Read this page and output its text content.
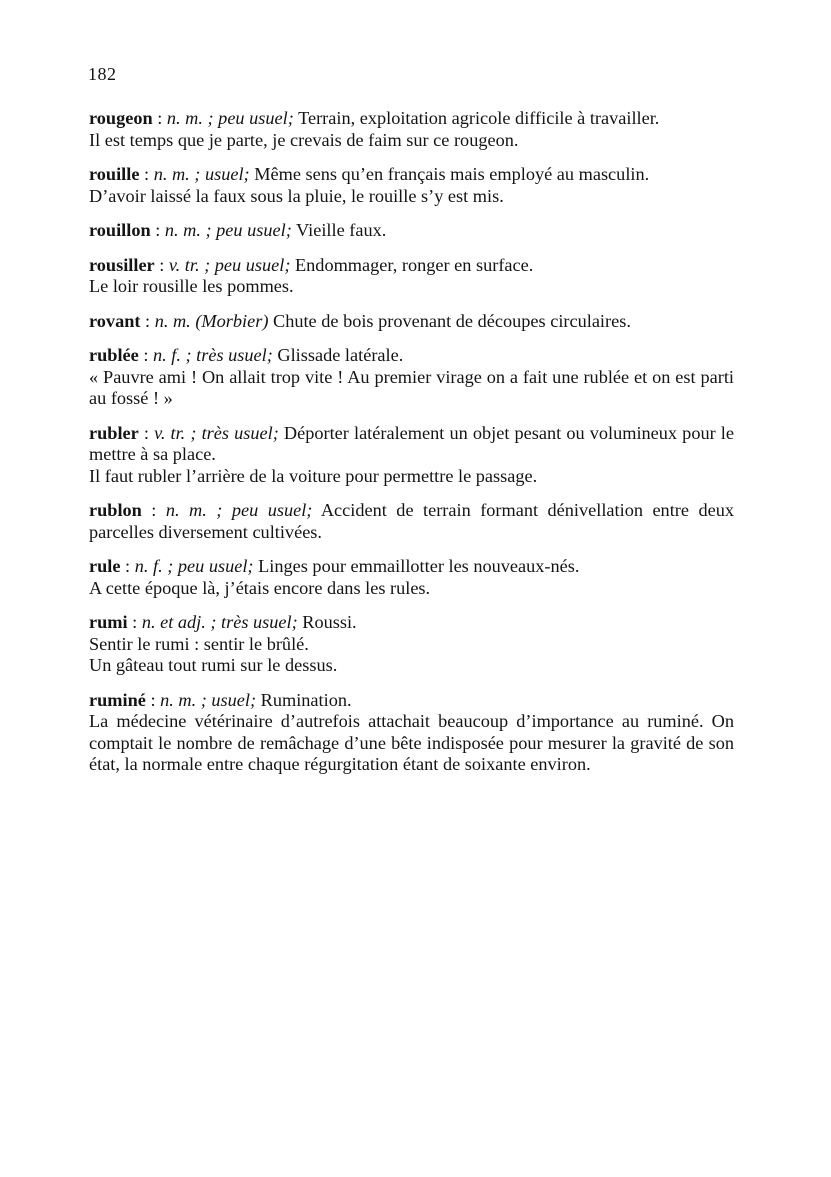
182

rougeon : n. m. ; peu usuel; Terrain, exploitation agricole difficile à travailler.

Il est temps que je parte, je crevais de faim sur ce rougeon.

rouille : n. m. ; usuel; Même sens qu’en français mais employé au masculin.

D’avoir laissé la faux sous la pluie, le rouille s’y est mis.

rouillon : n. m. ; peu usuel; Vieille faux.

rousiller : v. tr. ; peu usuel; Endommager, ronger en surface.

Le loir rousille les pommes.

rovant : n. m. (Morbier) Chute de bois provenant de découpes circulaires.

rublée : n. f. ; très usuel; Glissade latérale.

« Pauvre ami ! On allait trop vite ! Au premier virage on a fait une rublée et on est parti au fossé ! »

rubler : v. tr. ; très usuel; Déporter latéralement un objet pesant ou volumineux pour le mettre à sa place.

Il faut rubler l’arrière de la voiture pour permettre le passage.

rublon : n. m. ; peu usuel; Accident de terrain formant dénivellation entre deux parcelles diversement cultivées.

rule : n. f. ; peu usuel; Linges pour emmaillotter les nouveaux-nés.

A cette époque là, j’étais encore dans les rules.

rumi : n. et adj. ; très usuel; Roussi.

Sentir le rumi : sentir le brûlé.

Un gâteau tout rumi sur le dessus.

ruminé : n. m. ; usuel; Rumination.

La médecine vétérinaire d’autrefois attachait beaucoup d’importance au ruminé. On comptait le nombre de remâchage d’une bête indisposée pour mesurer la gravité de son état, la normale entre chaque régurgitation étant de soixante environ.
